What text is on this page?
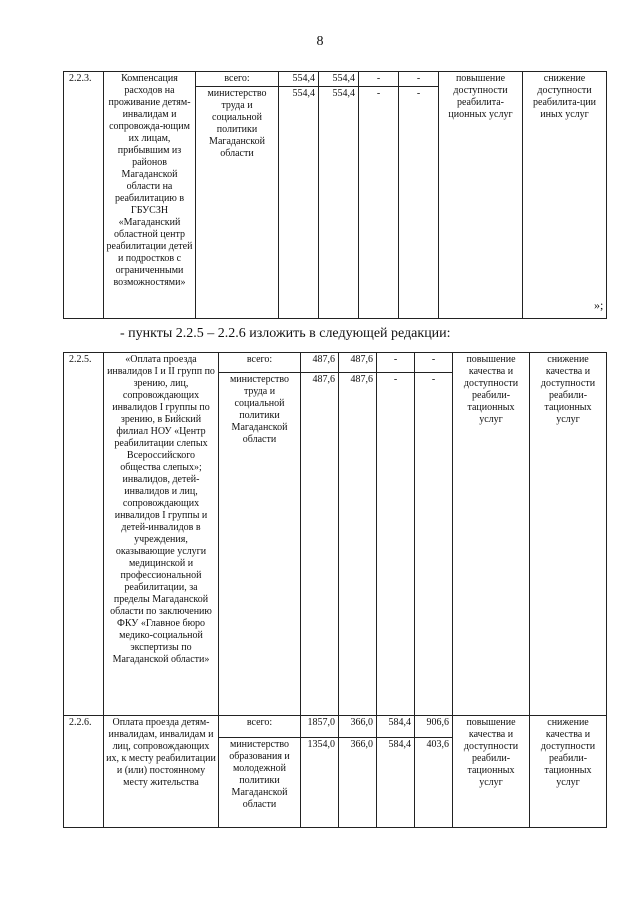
8
2.2.3.	Компенсация расходов на проживание детям-инвалидам и сопровожда-ющим их лицам, прибывшим из районов Магаданской области на реабилитацию в ГБУСЗН «Магаданский областной центр реабилитации детей и подростков с ограниченными возможностями»	всего:	554,4	554,4	-	-	повышение доступности реабилита-ционных услуг	снижение доступности реабилита-ции иных услуг
		министерство труда и социальной политики Магаданской области	554,4	554,4	-	-		
»;
- пункты 2.2.5 – 2.2.6 изложить в следующей редакции:
2.2.5.	«Оплата проезда инвалидов I и II групп по зрению, лиц, сопровождающих инвалидов I группы по зрению, в Бийский филиал НОУ «Центр реабилитации слепых Всероссийского общества слепых»; инвалидов, детей-инвалидов и лиц, сопровождающих инвалидов I группы и детей-инвалидов в учреждения, оказывающие услуги медицинской и профессиональной реабилитации, за пределы Магаданской области по заключению ФКУ «Главное бюро медико-социальной экспертизы по Магаданской области»	всего:	487,6	487,6	-	-	повышение качества и доступности реабили-тационных услуг	снижение качества и доступности реабили-тационных услуг
		министерство труда и социальной политики Магаданской области	487,6	487,6	-	-		
2.2.6.	Оплата проезда детям-инвалидам, инвалидам и лиц, сопровождающих их, к месту реабилитации и (или) постоянному месту жительства	всего:	1857,0	366,0	584,4	906,6	повышение качества и доступности реабили-тационных услуг	снижение качества и доступности реабили-тационных услуг
		министерство образования и молодежной политики Магаданской области	1354,0	366,0	584,4	403,6		
